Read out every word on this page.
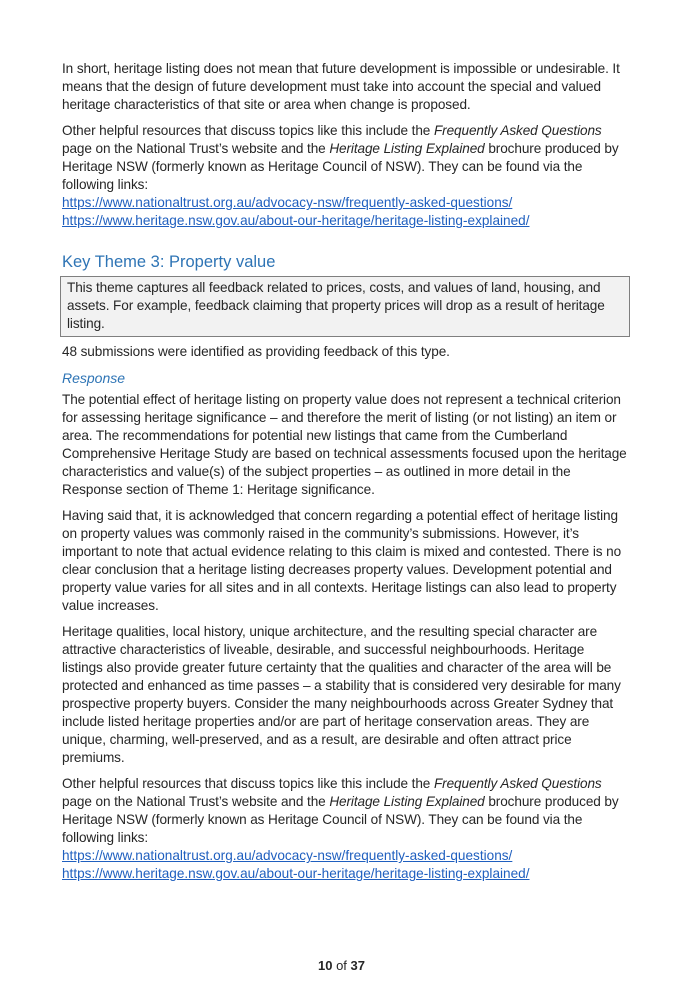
In short, heritage listing does not mean that future development is impossible or undesirable. It means that the design of future development must take into account the special and valued heritage characteristics of that site or area when change is proposed.

Other helpful resources that discuss topics like this include the Frequently Asked Questions page on the National Trust’s website and the Heritage Listing Explained brochure produced by Heritage NSW (formerly known as Heritage Council of NSW). They can be found via the following links:

https://www.nationaltrust.org.au/advocacy-nsw/frequently-asked-questions/
https://www.heritage.nsw.gov.au/about-our-heritage/heritage-listing-explained/
Key Theme 3: Property value

This theme captures all feedback related to prices, costs, and values of land, housing, and assets. For example, feedback claiming that property prices will drop as a result of heritage listing.

48 submissions were identified as providing feedback of this type.

Response

The potential effect of heritage listing on property value does not represent a technical criterion for assessing heritage significance – and therefore the merit of listing (or not listing) an item or area. The recommendations for potential new listings that came from the Cumberland Comprehensive Heritage Study are based on technical assessments focused upon the heritage characteristics and value(s) of the subject properties – as outlined in more detail in the Response section of Theme 1: Heritage significance.

Having said that, it is acknowledged that concern regarding a potential effect of heritage listing on property values was commonly raised in the community’s submissions. However, it’s important to note that actual evidence relating to this claim is mixed and contested. There is no clear conclusion that a heritage listing decreases property values. Development potential and property value varies for all sites and in all contexts. Heritage listings can also lead to property value increases.

Heritage qualities, local history, unique architecture, and the resulting special character are attractive characteristics of liveable, desirable, and successful neighbourhoods. Heritage listings also provide greater future certainty that the qualities and character of the area will be protected and enhanced as time passes – a stability that is considered very desirable for many prospective property buyers. Consider the many neighbourhoods across Greater Sydney that include listed heritage properties and/or are part of heritage conservation areas. They are unique, charming, well-preserved, and as a result, are desirable and often attract price premiums.

Other helpful resources that discuss topics like this include the Frequently Asked Questions page on the National Trust’s website and the Heritage Listing Explained brochure produced by Heritage NSW (formerly known as Heritage Council of NSW). They can be found via the following links:

https://www.nationaltrust.org.au/advocacy-nsw/frequently-asked-questions/
https://www.heritage.nsw.gov.au/about-our-heritage/heritage-listing-explained/
10 of 37
